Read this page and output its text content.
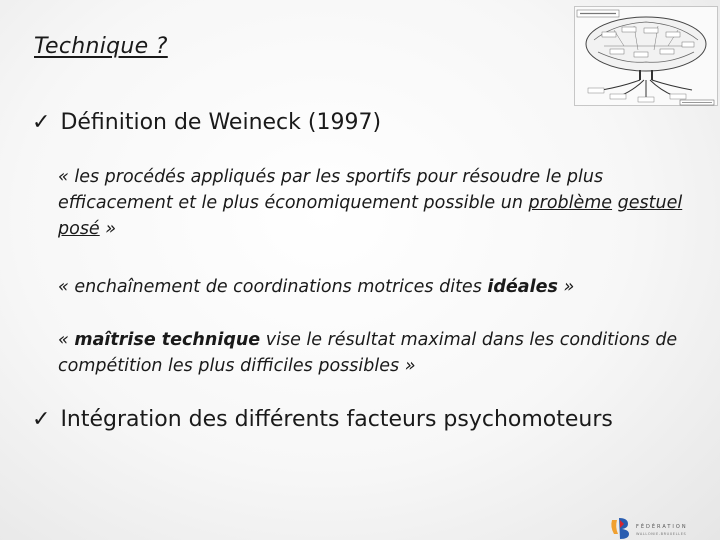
Technique ?
✓ Définition de Weineck (1997)
« les procédés appliqués par les sportifs pour résoudre le plus efficacement et le plus économiquement possible un problème gestuel posé »
« enchaînement de coordinations motrices dites idéales »
« maîtrise technique vise le résultat maximal dans les conditions de compétition les plus difficiles possibles »
✓ Intégration des différents facteurs psychomoteurs
FÉDÉRATION
WALLONIE-BRUXELLES
